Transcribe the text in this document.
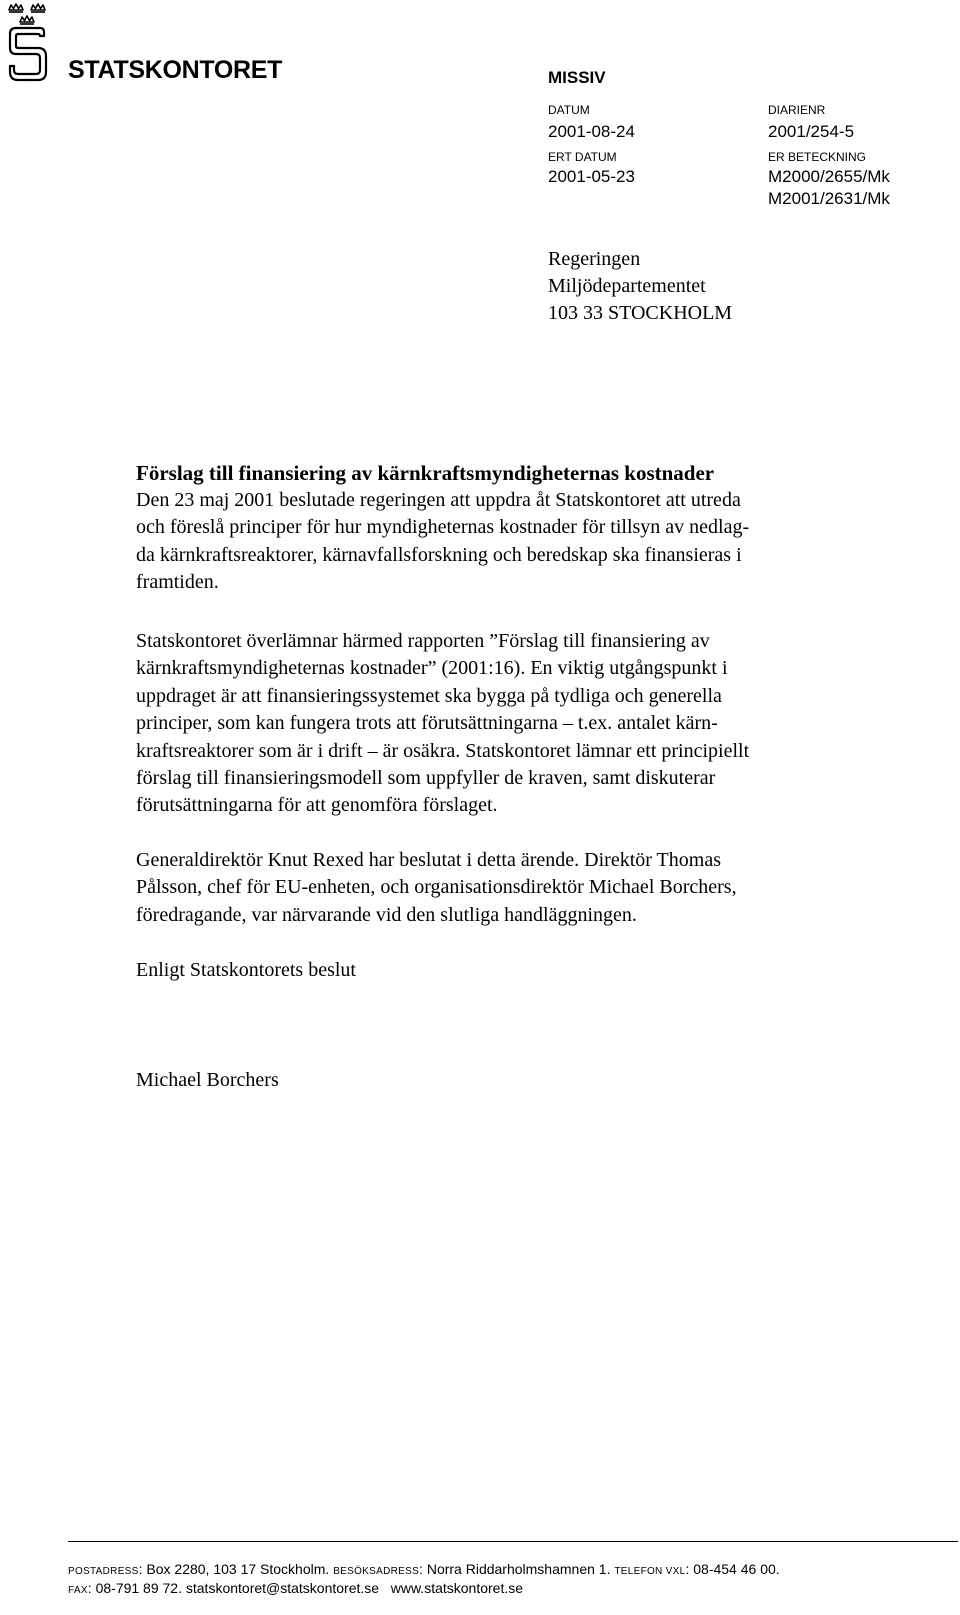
STATSKONTORET	MISSIV
DATUM
2001-08-24
ERT DATUM
2001-05-23
DIARIENR
2001/254-5
ER BETECKNING
M2000/2655/Mk
M2001/2631/Mk
Regeringen
Miljödepartementet
103 33 STOCKHOLM
Förslag till finansiering av kärnkraftsmyndigheternas kostnader
Den 23 maj 2001 beslutade regeringen att uppdra åt Statskontoret att utreda
och föreslå principer för hur myndigheternas kostnader för tillsyn av nedlag-
da kärnkraftsreaktorer, kärnavfallsforskning och beredskap ska finansieras i
framtiden.
Statskontoret överlämnar härmed rapporten ”Förslag till finansiering av
kärnkraftsmyndigheternas kostnader” (2001:16). En viktig utgångspunkt i
uppdraget är att finansieringssystemet ska bygga på tydliga och generella
principer, som kan fungera trots att förutsättningarna – t.ex. antalet kärn-
kraftsreaktorer som är i drift – är osäkra. Statskontoret lämnar ett principiellt
förslag till finansieringsmodell som uppfyller de kraven, samt diskuterar
förutsättningarna för att genomföra förslaget.
Generaldirektör Knut Rexed har beslutat i detta ärende. Direktör Thomas
Pålsson, chef för EU-enheten, och organisationsdirektör Michael Borchers,
föredragande, var närvarande vid den slutliga handläggningen.
Enligt Statskontorets beslut
Michael Borchers
POSTADRESS: Box 2280, 103 17 Stockholm. BESÖKSADRESS: Norra Riddarholmshamnen 1. TELEFON VXL: 08-454 46 00.
FAX: 08-791 89 72. statskontoret@statskontoret.se www.statskontoret.se
